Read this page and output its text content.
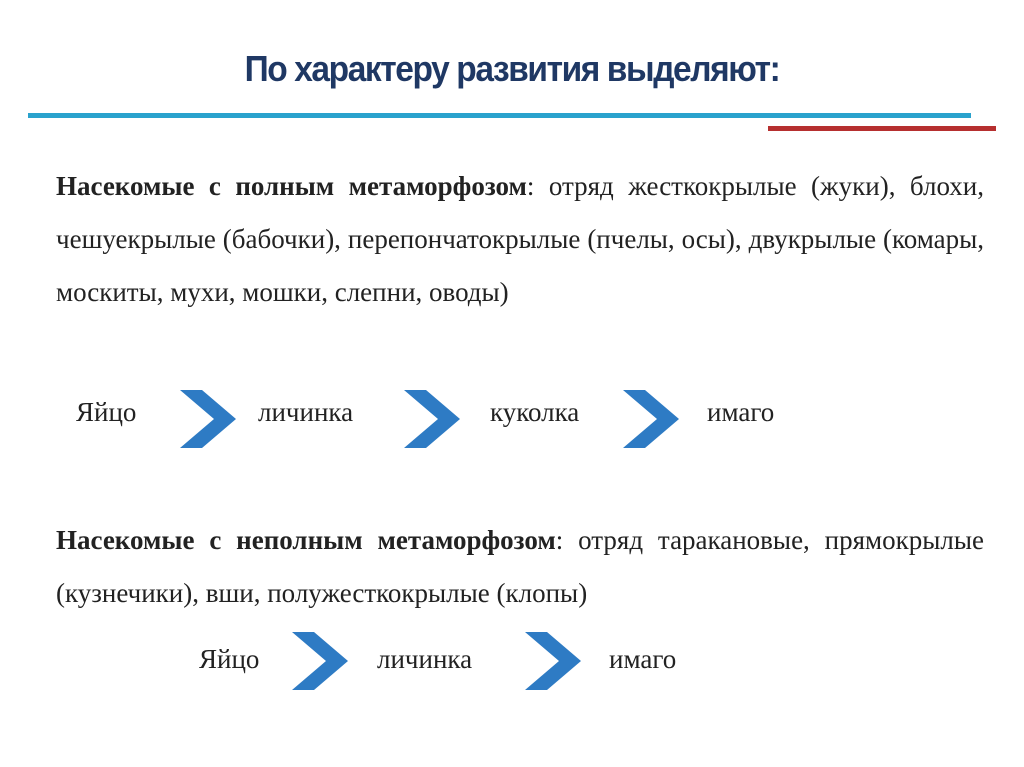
По характеру развития выделяют:
Насекомые с полным метаморфозом: отряд жесткокрылые (жуки), блохи, чешуекрылые (бабочки), перепончатокрылые (пчелы, осы), двукрылые (комары, москиты, мухи, мошки, слепни, оводы)
Яйцо	личинка	куколка	имаго
Насекомые с неполным метаморфозом: отряд таракановые, прямокрылые (кузнечики), вши, полужесткокрылые (клопы)
Яйцо	личинка	имаго
